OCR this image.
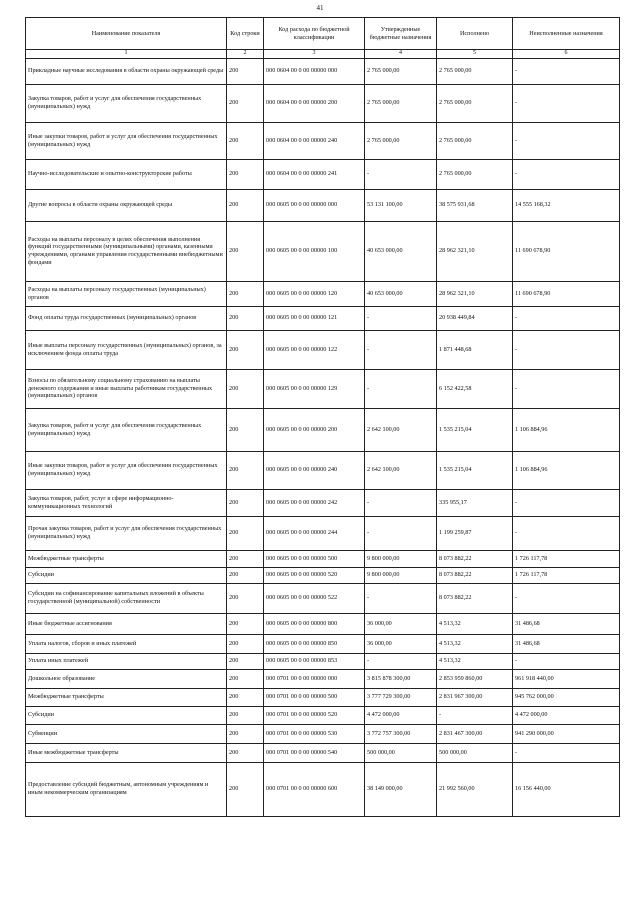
41
Наименование показателя	Код строки	Код расхода по бюджетной классификации	Утвержденные бюджетные назначения	Исполнено	Неисполненные назначения
1	2	3	4	5	6
Прикладные научные исследования в области охраны окружающей среды	200	000 0604 00 0 00 00000 000	2 765 000,00	2 765 000,00	-
Закупка товаров, работ и услуг для обеспечения государственных (муниципальных) нужд	200	000 0604 00 0 00 00000 200	2 765 000,00	2 765 000,00	-
Иные закупки товаров, работ и услуг для обеспечения государственных (муниципальных) нужд	200	000 0604 00 0 00 00000 240	2 765 000,00	2 765 000,00	-
Научно-исследовательские и опытно-конструкторские работы	200	000 0604 00 0 00 00000 241	-	2 765 000,00	-
Другие вопросы в области охраны окружающей среды	200	000 0605 00 0 00 00000 000	53 131 100,00	38 575 931,68	14 555 168,32
Расходы на выплаты персоналу в целях обеспечения выполнения функций государственными (муниципальными) органами, казенными учреждениями, органами управления государственными внебюджетными фондами	200	000 0605 00 0 00 00000 100	40 653 000,00	28 962 321,10	11 690 678,90
Расходы на выплаты персоналу государственных (муниципальных) органов	200	000 0605 00 0 00 00000 120	40 653 000,00	28 962 321,10	11 690 678,90
Фонд оплаты труда государственных (муниципальных) органов	200	000 0605 00 0 00 00000 121	-	20 938 449,84	-
Иные выплаты персоналу государственных (муниципальных) органов, за исключением фонда оплаты труда	200	000 0605 00 0 00 00000 122	-	1 871 448,68	-
Взносы по обязательному социальному страхованию на выплаты денежного содержания и иные выплаты работникам государственных (муниципальных) органов	200	000 0605 00 0 00 00000 129	-	6 152 422,58	-
Закупка товаров, работ и услуг для обеспечения государственных (муниципальных) нужд	200	000 0605 00 0 00 00000 200	2 642 100,00	1 535 215,04	1 106 884,96
Иные закупки товаров, работ и услуг для обеспечения государственных (муниципальных) нужд	200	000 0605 00 0 00 00000 240	2 642 100,00	1 535 215,04	1 106 884,96
Закупка товаров, работ, услуг в сфере информационно-коммуникационных технологий	200	000 0605 00 0 00 00000 242	-	335 955,17	-
Прочая закупка товаров, работ и услуг для обеспечения государственных (муниципальных) нужд	200	000 0605 00 0 00 00000 244	-	1 199 259,87	-
Межбюджетные трансферты	200	000 0605 00 0 00 00000 500	9 800 000,00	8 073 882,22	1 726 117,78
Субсидии	200	000 0605 00 0 00 00000 520	9 800 000,00	8 073 882,22	1 726 117,78
Субсидии на софинансирование капитальных вложений в объекты государственной (муниципальной) собственности	200	000 0605 00 0 00 00000 522	-	8 073 882,22	-
Иные бюджетные ассигнования	200	000 0605 00 0 00 00000 800	36 000,00	4 513,32	31 486,68
Уплата налогов, сборов и иных платежей	200	000 0605 00 0 00 00000 850	36 000,00	4 513,32	31 486,68
Уплата иных платежей	200	000 0605 00 0 00 00000 853	-	4 513,32	-
Дошкольное образование	200	000 0701 00 0 00 00000 000	3 815 878 300,00	2 853 959 860,00	961 918 440,00
Межбюджетные трансферты	200	000 0701 00 0 00 00000 500	3 777 729 300,00	2 831 967 300,00	945 762 000,00
Субсидии	200	000 0701 00 0 00 00000 520	4 472 000,00	-	4 472 000,00
Субвенции	200	000 0701 00 0 00 00000 530	3 772 757 300,00	2 831 467 300,00	941 290 000,00
Иные межбюджетные трансферты	200	000 0701 00 0 00 00000 540	500 000,00	500 000,00	-
Предоставление субсидий бюджетным, автономным учреждениям и иным некоммерческим организациям	200	000 0701 00 0 00 00000 600	38 149 000,00	21 992 560,00	16 156 440,00
